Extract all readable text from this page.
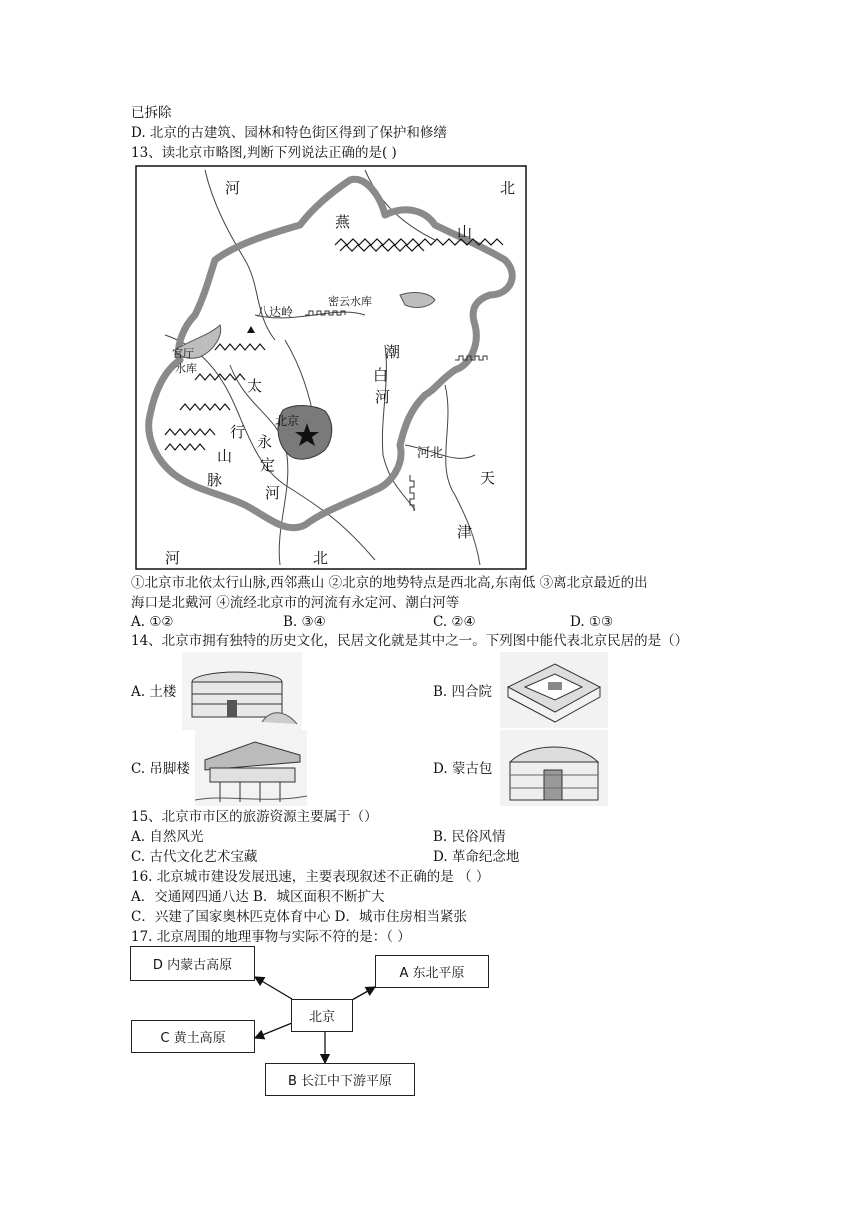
已拆除
D. 北京的古建筑、园林和特色街区得到了保护和修缮
13、读北京市略图,判断下列说法正确的是( )
河	北
燕
山
八达岭
密云水库
官厅
水库
太
行
山
脉
潮
白
河
北京
永
定
河
河北
天
津
河	北
①北京市北依太行山脉,西邻燕山 ②北京的地势特点是西北高,东南低 ③离北京最近的出
海口是北戴河 ④流经北京市的河流有永定河、潮白河等
A. ①②	B. ③④	C. ②④	D. ①③
14、北京市拥有独特的历史文化，民居文化就是其中之一。下列图中能代表北京民居的是（）
A. 土楼	B. 四合院
C. 吊脚楼	D. 蒙古包
15、北京市市区的旅游资源主要属于（）
A. 自然风光	B. 民俗风情
C. 古代文化艺术宝藏	D. 革命纪念地
16. 北京城市建设发展迅速，主要表现叙述不正确的是 （ ）
A．交通网四通八达 B．城区面积不断扩大
C．兴建了国家奥林匹克体育中心 D．城市住房相当紧张
17. 北京周围的地理事物与实际不符的是：（ ）
D 内蒙古高原
A 东北平原
北京
C 黄土高原
B 长江中下游平原
